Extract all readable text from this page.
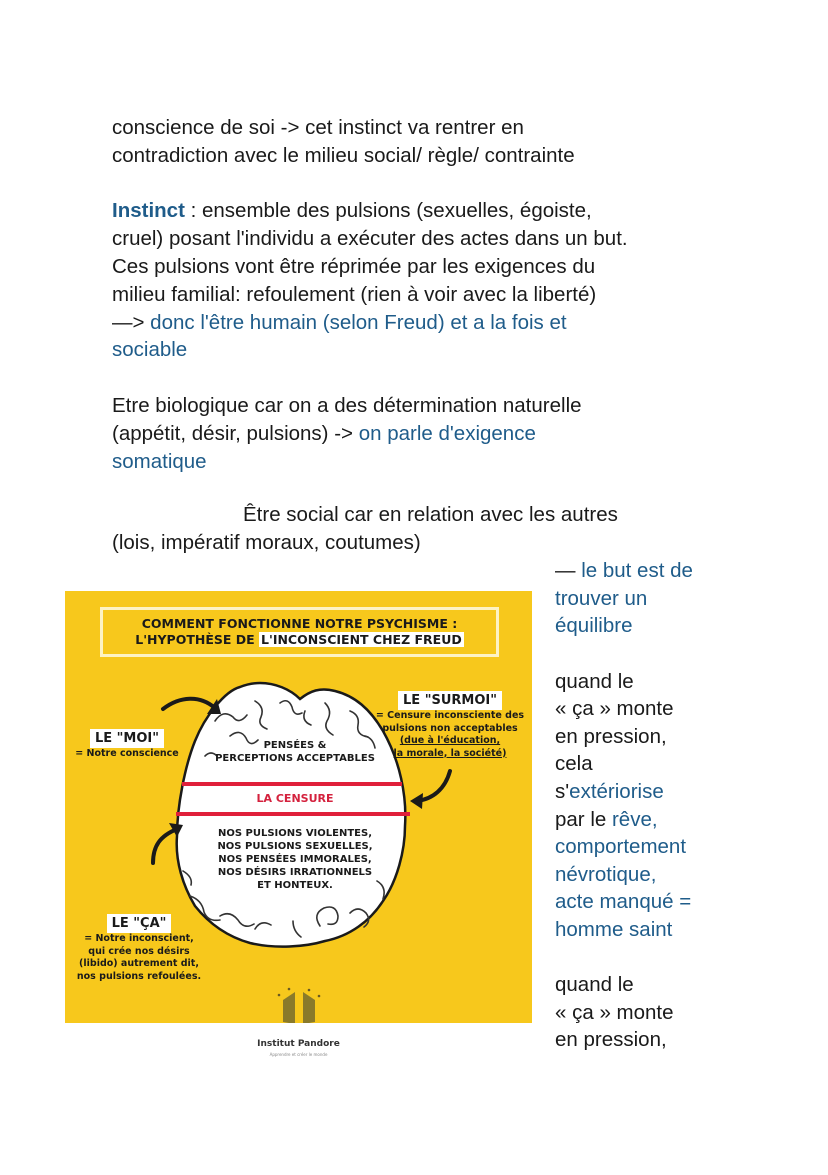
conscience de soi -> cet instinct va rentrer en

contradiction avec le milieu social/ règle/ contrainte

Instinct : ensemble des pulsions (sexuelles, égoiste,

cruel) posant l'individu a exécuter des actes dans un but.

Ces pulsions vont être réprimée par les exigences du

milieu familial: refoulement (rien à voir avec la liberté)

—> donc l'être humain (selon Freud) et a la fois et

sociable

Etre biologique car on a des détermination naturelle

(appétit, désir, pulsions) -> on parle d'exigence

somatique

Être social car en relation avec les autres

(lois, impératif moraux, coutumes)

— le but est de

trouver un

équilibre

quand le

« ça » monte

en pression,

cela

s'extériorise

par le rêve,

comportement

névrotique,

acte manqué =

homme saint

quand le

« ça » monte

en pression,

COMMENT FONCTIONNE NOTRE PSYCHISME :
L'HYPOTHÈSE DE L'INCONSCIENT CHEZ FREUD
PENSÉES &
PERCEPTIONS ACCEPTABLES
LA CENSURE
NOS PULSIONS VIOLENTES,
NOS PULSIONS SEXUELLES,
NOS PENSÉES IMMORALES,
NOS DÉSIRS IRRATIONNELS
ET HONTEUX.
LE "MOI"
= Notre conscience
LE "SURMOI"
= Censure inconsciente des
pulsions non acceptables
(due à l'éducation,
la morale, la société)
LE "ÇA"
= Notre inconscient,
qui crée nos désirs
(libido) autrement dit,
nos pulsions refoulées.
Institut Pandore
Apprendre et créer le monde
